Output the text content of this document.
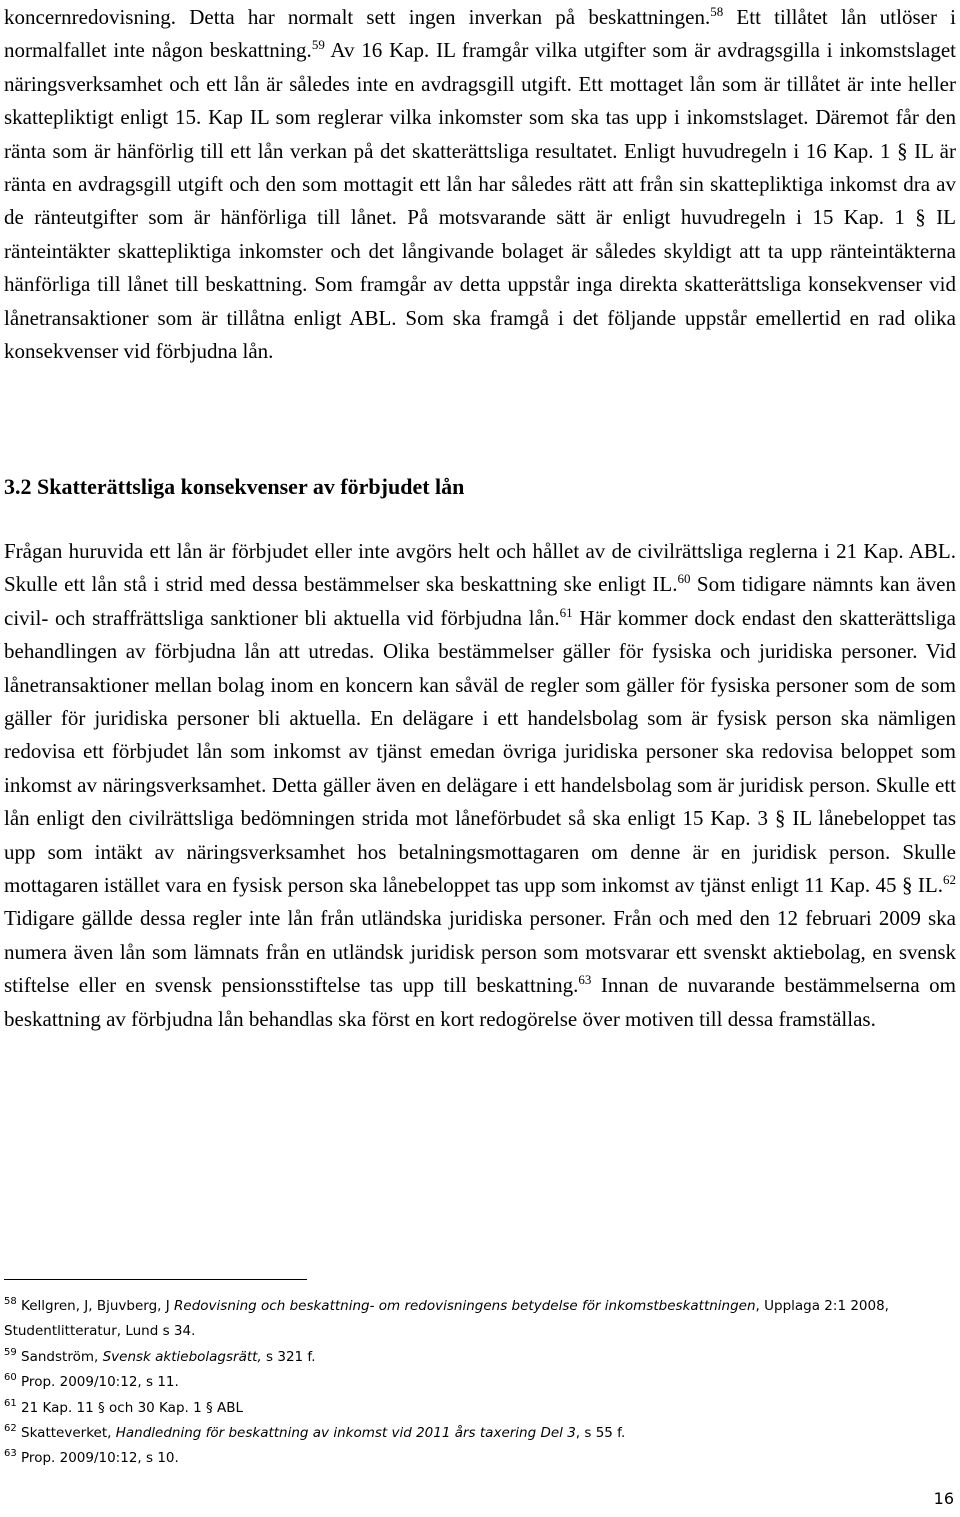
koncernredovisning. Detta har normalt sett ingen inverkan på beskattningen.$^{58}$ Ett tillåtet lån utlöser i normalfallet inte någon beskattning.$^{59}$ Av 16 Kap. IL framgår vilka utgifter som är avdragsgilla i inkomstslaget näringsverksamhet och ett lån är således inte en avdragsgill utgift. Ett mottaget lån som är tillåtet är inte heller skattepliktigt enligt 15. Kap IL som reglerar vilka inkomster som ska tas upp i inkomstslaget. Däremot får den ränta som är hänförlig till ett lån verkan på det skatterättsliga resultatet. Enligt huvudregeln i 16 Kap. 1 § IL är ränta en avdragsgill utgift och den som mottagit ett lån har således rätt att från sin skattepliktiga inkomst dra av de ränteutgifter som är hänförliga till lånet. På motsvarande sätt är enligt huvudregeln i 15 Kap. 1 § IL ränteintäkter skattepliktiga inkomster och det långivande bolaget är således skyldigt att ta upp ränteintäkterna hänförliga till lånet till beskattning. Som framgår av detta uppstår inga direkta skatterättsliga konsekvenser vid lånetransaktioner som är tillåtna enligt ABL. Som ska framgå i det följande uppstår emellertid en rad olika konsekvenser vid förbjudna lån.

3.2 Skatterättsliga konsekvenser av förbjudet lån

Frågan huruvida ett lån är förbjudet eller inte avgörs helt och hållet av de civilrättsliga reglerna i 21 Kap. ABL. Skulle ett lån stå i strid med dessa bestämmelser ska beskattning ske enligt IL.$^{60}$ Som tidigare nämnts kan även civil- och straffrättsliga sanktioner bli aktuella vid förbjudna lån.$^{61}$ Här kommer dock endast den skatterättsliga behandlingen av förbjudna lån att utredas. Olika bestämmelser gäller för fysiska och juridiska personer. Vid lånetransaktioner mellan bolag inom en koncern kan såväl de regler som gäller för fysiska personer som de som gäller för juridiska personer bli aktuella. En delägare i ett handelsbolag som är fysisk person ska nämligen redovisa ett förbjudet lån som inkomst av tjänst emedan övriga juridiska personer ska redovisa beloppet som inkomst av näringsverksamhet. Detta gäller även en delägare i ett handelsbolag som är juridisk person. Skulle ett lån enligt den civilrättsliga bedömningen strida mot låneförbudet så ska enligt 15 Kap. 3 § IL lånebeloppet tas upp som intäkt av näringsverksamhet hos betalningsmottagaren om denne är en juridisk person. Skulle mottagaren istället vara en fysisk person ska lånebeloppet tas upp som inkomst av tjänst enligt 11 Kap. 45 § IL.$^{62}$ Tidigare gällde dessa regler inte lån från utländska juridiska personer. Från och med den 12 februari 2009 ska numera även lån som lämnats från en utländsk juridisk person som motsvarar ett svenskt aktiebolag, en svensk stiftelse eller en svensk pensionsstiftelse tas upp till beskattning.$^{63}$ Innan de nuvarande bestämmelserna om beskattning av förbjudna lån behandlas ska först en kort redogörelse över motiven till dessa framställas.

$^{58}$ Kellgren, J, Bjuvberg, J Redovisning och beskattning- om redovisningens betydelse för inkomstbeskattningen, Upplaga 2:1 2008, Studentlitteratur, Lund s 34.

$^{59}$ Sandström, Svensk aktiebolagsrätt, s 321 f.

$^{60}$ Prop. 2009/10:12, s 11.

$^{61}$ 21 Kap. 11 § och 30 Kap. 1 § ABL

$^{62}$ Skatteverket, Handledning för beskattning av inkomst vid 2011 års taxering Del 3, s 55 f.

$^{63}$ Prop. 2009/10:12, s 10.

16
